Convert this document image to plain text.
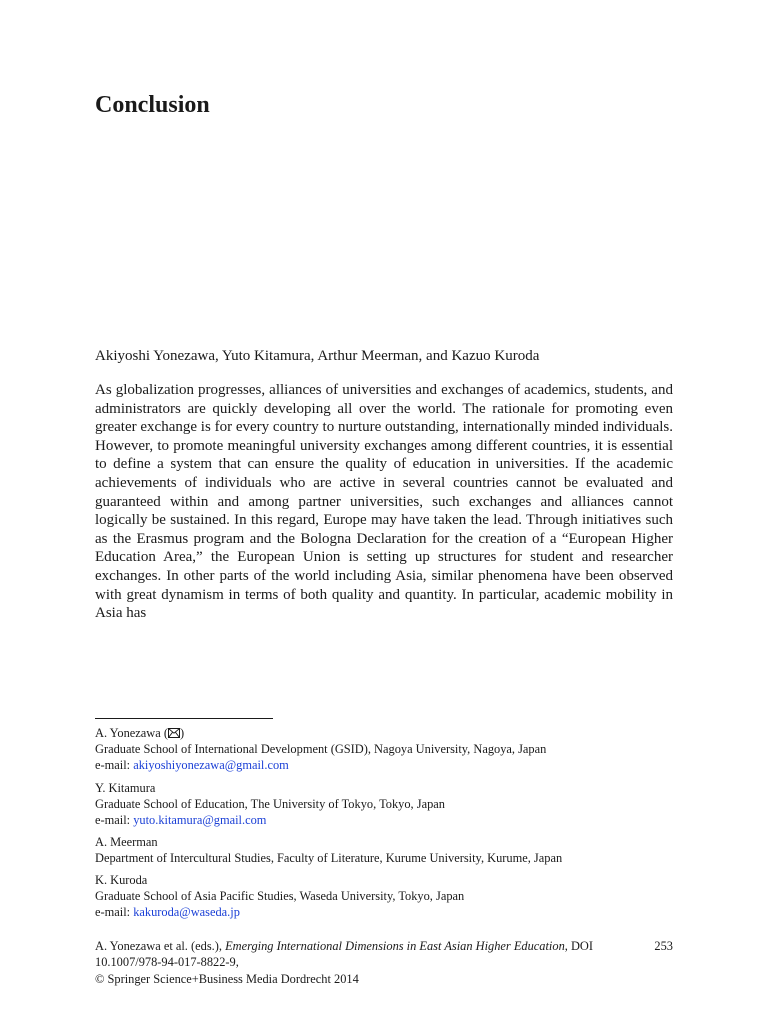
Conclusion
Akiyoshi Yonezawa, Yuto Kitamura, Arthur Meerman, and Kazuo Kuroda

As globalization progresses, alliances of universities and exchanges of academics, students, and administrators are quickly developing all over the world. The rationale for promoting even greater exchange is for every country to nurture outstanding, internationally minded individuals. However, to promote meaningful university exchanges among different countries, it is essential to define a system that can ensure the quality of education in universities. If the academic achievements of individuals who are active in several countries cannot be evaluated and guaranteed within and among partner universities, such exchanges and alliances cannot logically be sustained. In this regard, Europe may have taken the lead. Through initiatives such as the Erasmus program and the Bologna Declaration for the creation of a “European Higher Education Area,” the European Union is setting up structures for student and researcher exchanges. In other parts of the world including Asia, similar phenomena have been observed with great dynamism in terms of both quality and quantity. In particular, academic mobility in Asia has

A. Yonezawa ( )
Graduate School of International Development (GSID), Nagoya University, Nagoya, Japan
e-mail: akiyoshiyonezawa@gmail.com
Y. Kitamura
Graduate School of Education, The University of Tokyo, Tokyo, Japan
e-mail: yuto.kitamura@gmail.com
A. Meerman
Department of Intercultural Studies, Faculty of Literature, Kurume University, Kurume, Japan
K. Kuroda
Graduate School of Asia Pacific Studies, Waseda University, Tokyo, Japan
e-mail: kakuroda@waseda.jp
A. Yonezawa et al. (eds.), Emerging International Dimensions in East Asian Higher Education, DOI 10.1007/978-94-017-8822-9,
© Springer Science+Business Media Dordrecht 2014
253
